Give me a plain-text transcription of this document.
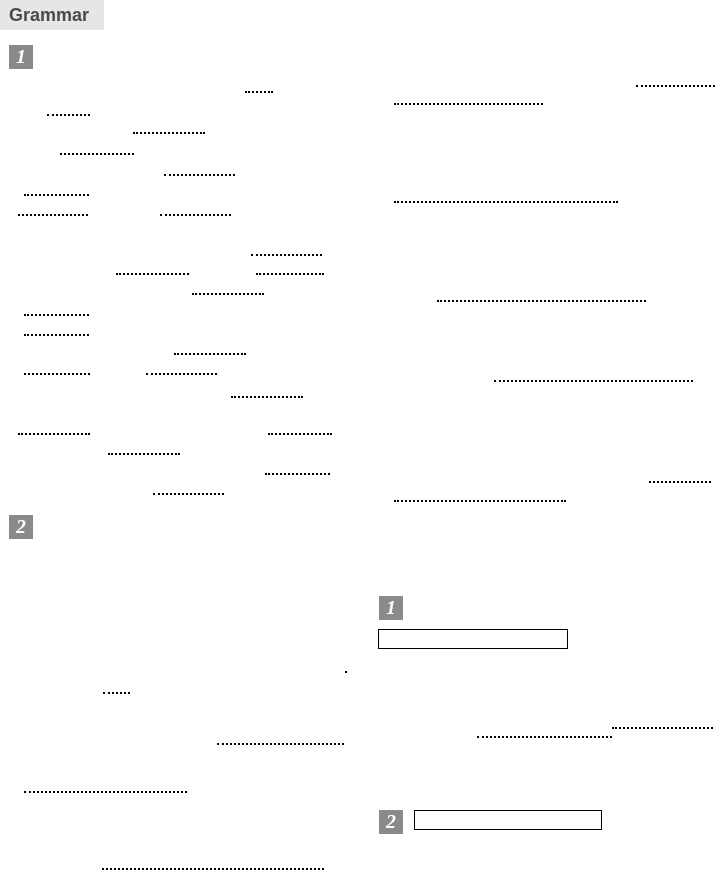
Grammar
1
2
1
2
